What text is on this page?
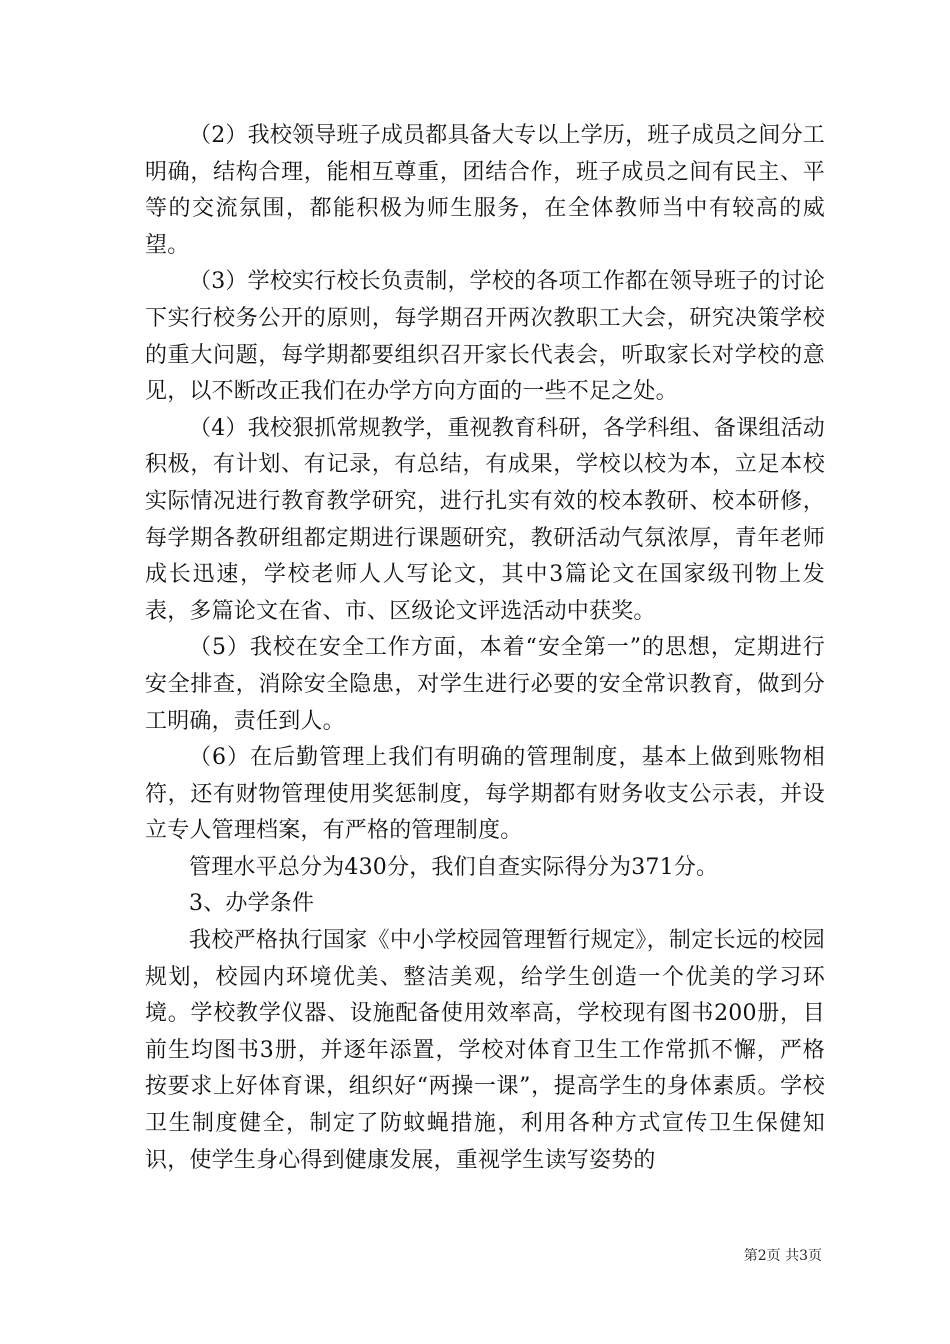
（2）我校领导班子成员都具备大专以上学历，班子成员之间分工明确，结构合理，能相互尊重，团结合作，班子成员之间有民主、平等的交流氛围，都能积极为师生服务，在全体教师当中有较高的威望。

（3）学校实行校长负责制，学校的各项工作都在领导班子的讨论下实行校务公开的原则，每学期召开两次教职工大会，研究决策学校的重大问题，每学期都要组织召开家长代表会，听取家长对学校的意见，以不断改正我们在办学方向方面的一些不足之处。

（4）我校狠抓常规教学，重视教育科研，各学科组、备课组活动积极，有计划、有记录，有总结，有成果，学校以校为本，立足本校实际情况进行教育教学研究，进行扎实有效的校本教研、校本研修，每学期各教研组都定期进行课题研究，教研活动气氛浓厚，青年老师成长迅速，学校老师人人写论文，其中3篇论文在国家级刊物上发表，多篇论文在省、市、区级论文评选活动中获奖。

（5）我校在安全工作方面，本着“安全第一”的思想，定期进行安全排查，消除安全隐患，对学生进行必要的安全常识教育，做到分工明确，责任到人。

（6）在后勤管理上我们有明确的管理制度，基本上做到账物相符，还有财物管理使用奖惩制度，每学期都有财务收支公示表，并设立专人管理档案，有严格的管理制度。

管理水平总分为430分，我们自查实际得分为371分。

3、办学条件

我校严格执行国家《中小学校园管理暂行规定》，制定长远的校园规划，校园内环境优美、整洁美观，给学生创造一个优美的学习环境。学校教学仪器、设施配备使用效率高，学校现有图书200册，目前生均图书3册，并逐年添置，学校对体育卫生工作常抓不懈，严格按要求上好体育课，组织好“两操一课”，提高学生的身体素质。学校卫生制度健全，制定了防蚊蝇措施，利用各种方式宣传卫生保健知识，使学生身心得到健康发展，重视学生读写姿势的

第2页 共3页
